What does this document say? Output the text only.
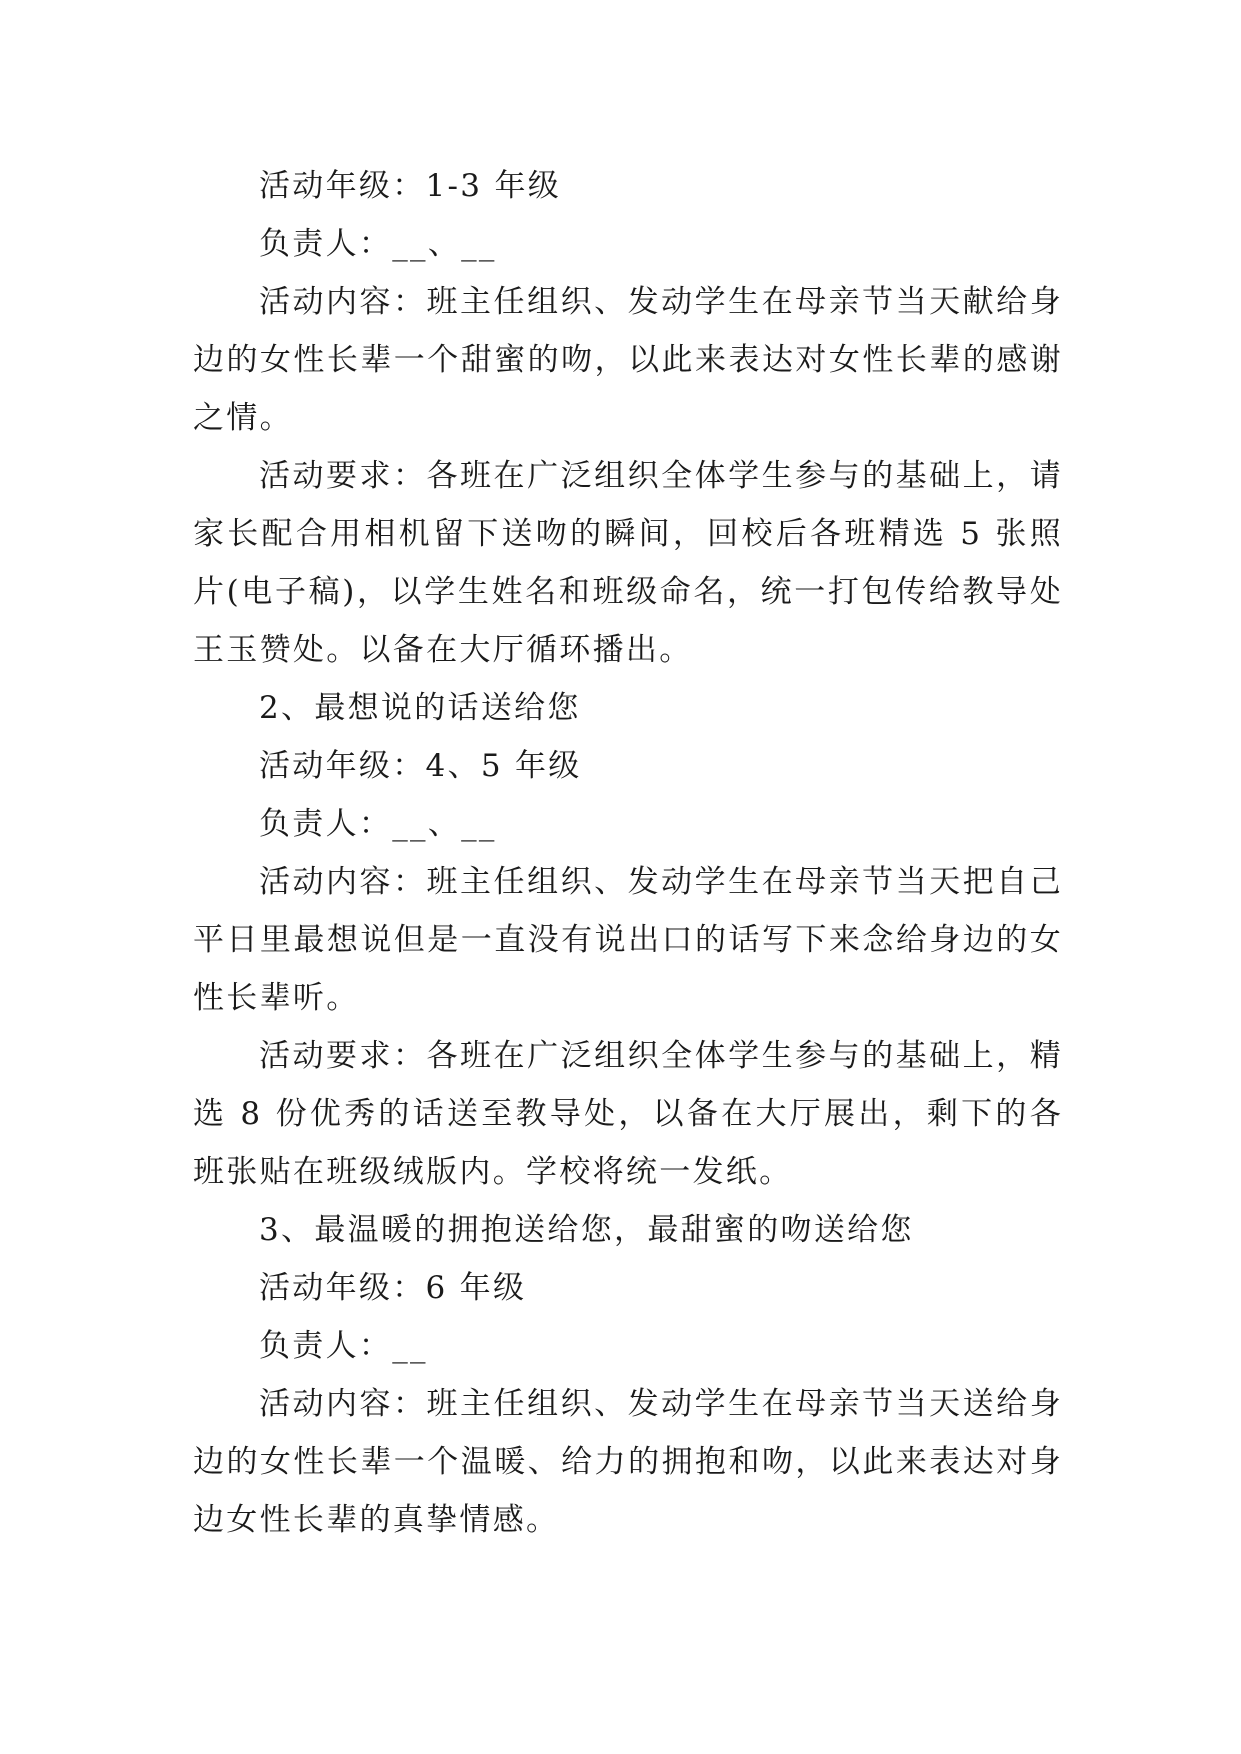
活动年级：1-3 年级

负责人：__、__

活动内容：班主任组织、发动学生在母亲节当天献给身边的女性长辈一个甜蜜的吻，以此来表达对女性长辈的感谢之情。

活动要求：各班在广泛组织全体学生参与的基础上，请家长配合用相机留下送吻的瞬间，回校后各班精选 5 张照片(电子稿)，以学生姓名和班级命名，统一打包传给教导处王玉赞处。以备在大厅循环播出。

2、最想说的话送给您

活动年级：4、5 年级

负责人：__、__

活动内容：班主任组织、发动学生在母亲节当天把自己平日里最想说但是一直没有说出口的话写下来念给身边的女性长辈听。

活动要求：各班在广泛组织全体学生参与的基础上，精选 8 份优秀的话送至教导处，以备在大厅展出，剩下的各班张贴在班级绒版内。学校将统一发纸。

3、最温暖的拥抱送给您，最甜蜜的吻送给您

活动年级：6 年级

负责人：__

活动内容：班主任组织、发动学生在母亲节当天送给身边的女性长辈一个温暖、给力的拥抱和吻，以此来表达对身边女性长辈的真挚情感。
